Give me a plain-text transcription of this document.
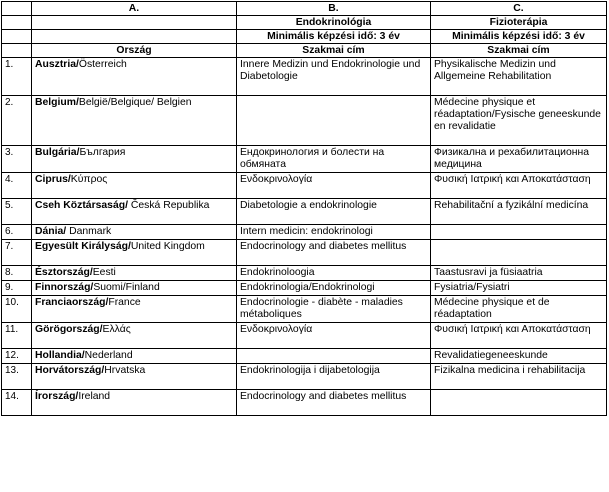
	A.	B.	C.
		Endokrinológia	Fizioterápia
		Minimális képzési idő: 3 év	Minimális képzési idő: 3 év
	Ország	Szakmai cím	Szakmai cím
1.	Ausztria/Österreich	Innere Medizin und Endokrinologie und Diabetologie	Physikalische Medizin und Allgemeine Rehabilitation
2.	Belgium/België/Belgique/ Belgien		Médecine physique et réadaptation/Fysische geneeskunde en revalidatie
3.	Bulgária/България	Ендокринология и болести на обмяната	Физикална и рехабилитационна медицина
4.	Ciprus/Κύπρος	Ενδοκρινολογία	Φυσική Ιατρική και Αποκατάσταση
5.	Cseh Köztársaság/ Česká Republika	Diabetologie a endokrinologie	Rehabilitační a fyzikální medicína
6.	Dánia/ Danmark	Intern medicin: endokrinologi	
7.	Egyesült Királyság/United Kingdom	Endocrinology and diabetes mellitus	
8.	Észtország/Eesti	Endokrinoloogia	Taastusravi ja füsiaatria
9.	Finnország/Suomi/Finland	Endokrinologia/Endokrinologi	Fysiatria/Fysiatri
10.	Franciaország/France	Endocrinologie - diabète - maladies métaboliques	Médecine physique et de réadaptation
11.	Görögország/Ελλάς	Ενδοκρινολογία	Φυσική Ιατρική και Αποκατάσταση
12.	Hollandia/Nederland		Revalidatiegeneeskunde
13.	Horvátország/Hrvatska	Endokrinologija i dijabetologija	Fizikalna medicina i rehabilitacija
14.	Írország/Ireland	Endocrinology and diabetes mellitus	
